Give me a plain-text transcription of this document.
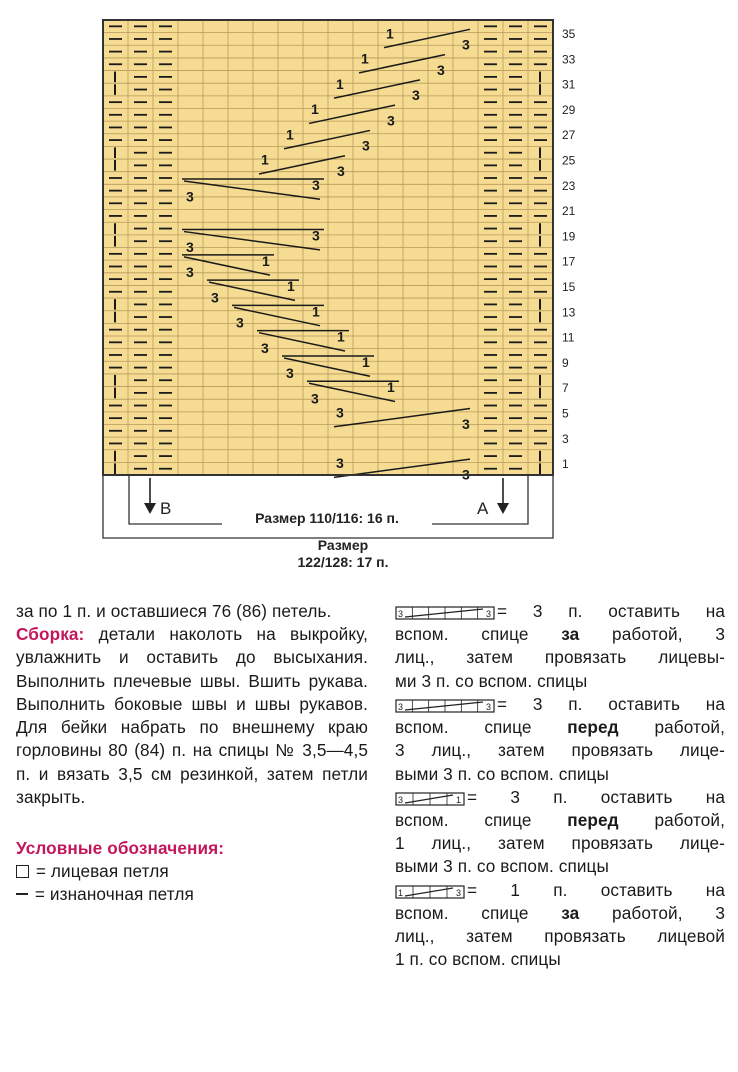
1
3
1
3
1
3
1
3
1
3
1
3
3
3
3
3
3
1
3
1
3
1
3
1
3
1
3
1
3
3
3
3
35
33
31
29
27
25
23
21
19
17
15
13
11
9
7
5
3
1
B	A
Размер 110/116: 16 п.
Размер
122/128: 17 п.

за по 1 п. и оставшиеся 76 (86) петель.

Сборка: детали наколоть на выкройку, увлажнить и оставить до высыхания. Выполнить плечевые швы. Вшить рукава. Выполнить боковые швы и швы рукавов. Для бейки набрать по внешнему краю горловины 80 (84) п. на спицы № 3,5—4,5 п. и вязать 3,5 см резинкой, затем петли закрыть.

Условные обозначения:
= лицевая петля
= изнаночная петля
3	3 = 3 п. оставить на
вспом. спице за работой, 3
лиц., затем провязать лицевы-
ми 3 п. со вспом. спицы
3	3 = 3 п. оставить на
вспом. спице перед работой,
3 лиц., затем провязать лице-
выми 3 п. со вспом. спицы
3	1 = 3 п. оставить на
вспом. спице перед работой,
1 лиц., затем провязать лице-
выми 3 п. со вспом. спицы
1	3 = 1 п. оставить на
вспом. спице за работой, 3
лиц., затем провязать лицевой
1 п. со вспом. спицы
